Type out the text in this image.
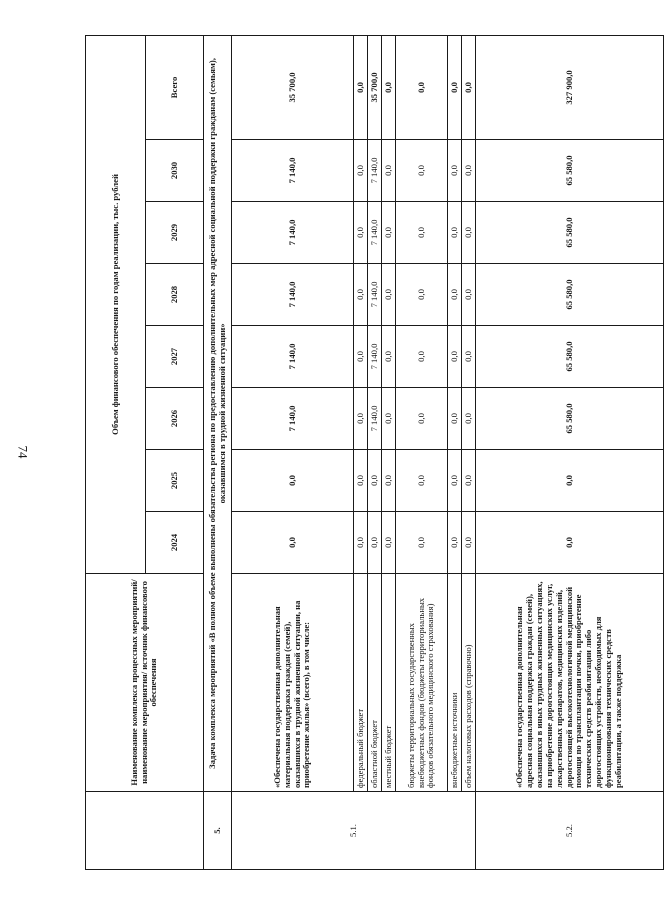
74
	Наименование комплекса процессных мероприятий/наименование мероприятия/ источник финансового обеспечения	Объем финансового обеспечения по годам реализации, тыс. рублей							
		2024	2025	2026	2027	2028	2029	2030	Всего
5.	Задача комплекса мероприятий «В полном объеме выполнены обязательства региона по предоставлению дополнительных мер адресной социальной поддержки гражданам (семьям), оказавшимся в трудной жизненной ситуации»								
5.1.	«Обеспечена государственная дополнительная материальная поддержка граждан (семей), оказавшихся в трудной жизненной ситуации, на приобретение жилья» (всего), в том числе:	0,0	0,0	7 140,0	7 140,0	7 140,0	7 140,0	7 140,0	35 700,0
	федеральный бюджет	0,0	0,0	0,0	0,0	0,0	0,0	0,0	0,0
	областной бюджет	0,0	0,0	7 140,0	7 140,0	7 140,0	7 140,0	7 140,0	35 700,0
	местный бюджет	0,0	0,0	0,0	0,0	0,0	0,0	0,0	0,0
	бюджеты территориальных государственных внебюджетных фондов (бюджеты территориальных фондов обязательного медицинского страхования)	0,0	0,0	0,0	0,0	0,0	0,0	0,0	0,0
	внебюджетные источники	0,0	0,0	0,0	0,0	0,0	0,0	0,0	0,0
	объем налоговых расходов (справочно)	0,0	0,0	0,0	0,0	0,0	0,0	0,0	0,0
5.2.	«Обеспечена государственная дополнительная адресная социальная поддержка граждан (семей), оказавшихся в иных трудных жизненных ситуациях, на приобретение дорогостоящих медицинских услуг, лекарственных препаратов, медицинских изделий, дорогостоящей высокотехнологичной медицинской помощи по трансплантации почки, приобретение технических средств реабилитации либо дорогостоящих устройств, необходимых для функционирования технических средств реабилитации, а также поддержка	0,0	0,0	65 580,0	65 580,0	65 580,0	65 580,0	65 580,0	327 900,0
